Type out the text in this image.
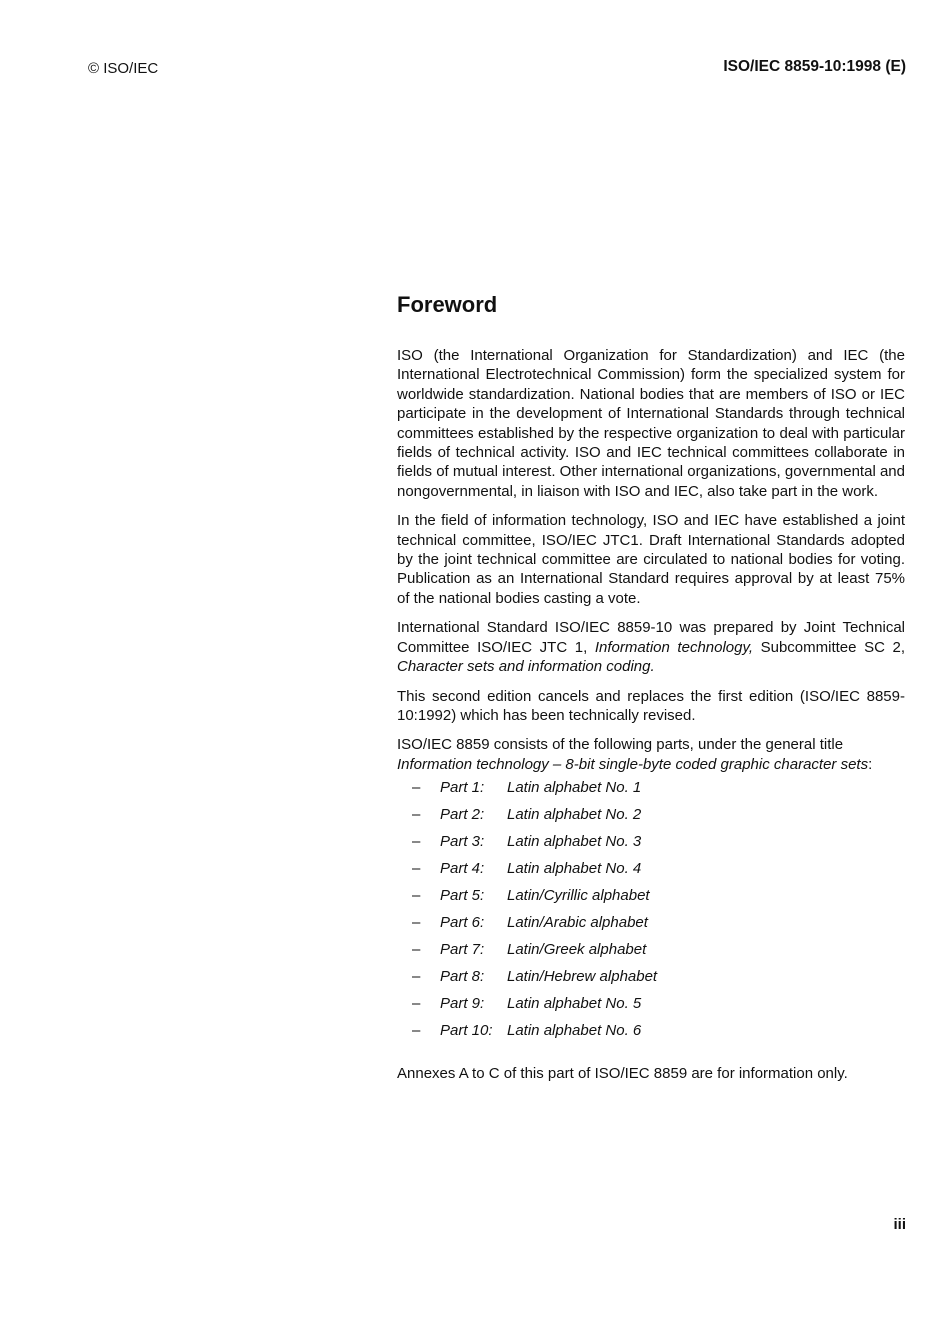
© ISO/IEC	ISO/IEC 8859-10:1998 (E)
Foreword

ISO (the International Organization for Standardization) and IEC (the International Electrotechnical Commission) form the specialized system for worldwide standardization. National bodies that are members of ISO or IEC participate in the development of International Standards through technical committees established by the respective organization to deal with particular fields of technical activity. ISO and IEC technical committees collaborate in fields of mutual interest. Other international organizations, governmental and nongovernmental, in liaison with ISO and IEC, also take part in the work.

In the field of information technology, ISO and IEC have established a joint technical committee, ISO/IEC JTC1. Draft International Standards adopted by the joint technical committee are circulated to national bodies for voting. Publication as an International Standard requires approval by at least 75% of the national bodies casting a vote.

International Standard ISO/IEC 8859-10 was prepared by Joint Technical Committee ISO/IEC JTC 1, Information technology, Subcommittee SC 2, Character sets and information coding.

This second edition cancels and replaces the first edition (ISO/IEC 8859-10:1992) which has been technically revised.

ISO/IEC 8859 consists of the following parts, under the general title Information technology – 8-bit single-byte coded graphic character sets:

–	Part 1:	Latin alphabet No. 1
–	Part 2:	Latin alphabet No. 2
–	Part 3:	Latin alphabet No. 3
–	Part 4:	Latin alphabet No. 4
–	Part 5:	Latin/Cyrillic alphabet
–	Part 6:	Latin/Arabic alphabet
–	Part 7:	Latin/Greek alphabet
–	Part 8:	Latin/Hebrew alphabet
–	Part 9:	Latin alphabet No. 5
–	Part 10: Latin alphabet No. 6

Annexes A to C of this part of ISO/IEC 8859 are for information only.

iii
